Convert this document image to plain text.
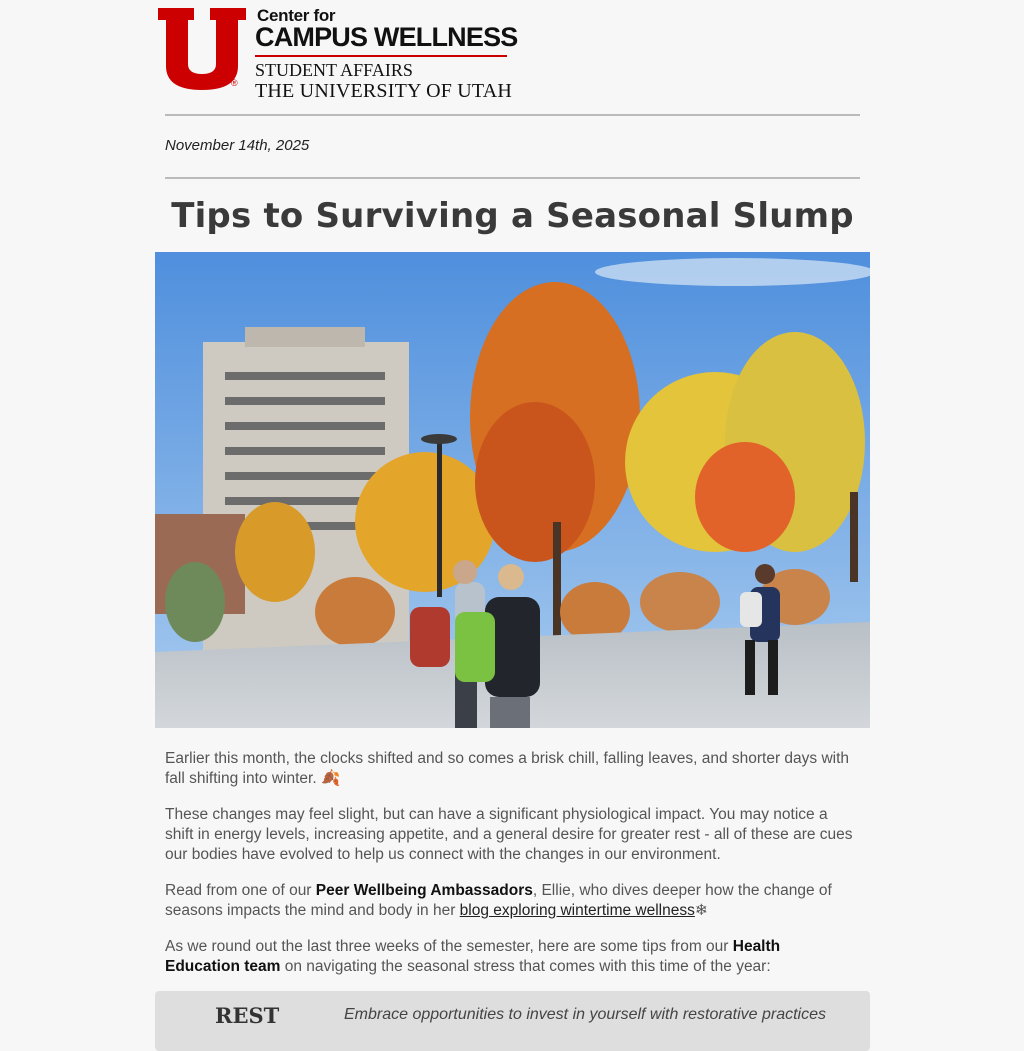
®
Center for
CAMPUS WELLNESS
STUDENT AFFAIRS
THE UNIVERSITY OF UTAH
November 14th, 2025
Tips to Surviving a Seasonal Slump

Earlier this month, the clocks shifted and so comes a brisk chill, falling leaves, and shorter days with fall shifting into winter. 🍂

These changes may feel slight, but can have a significant physiological impact. You may notice a shift in energy levels, increasing appetite, and a general desire for greater rest - all of these are cues our bodies have evolved to help us connect with the changes in our environment.

Read from one of our Peer Wellbeing Ambassadors, Ellie, who dives deeper how the change of seasons impacts the mind and body in her blog exploring wintertime wellness❄

As we round out the last three weeks of the semester, here are some tips from our Health Education team on navigating the seasonal stress that comes with this time of the year:

REST	Embrace opportunities to invest in yourself with restorative practices
